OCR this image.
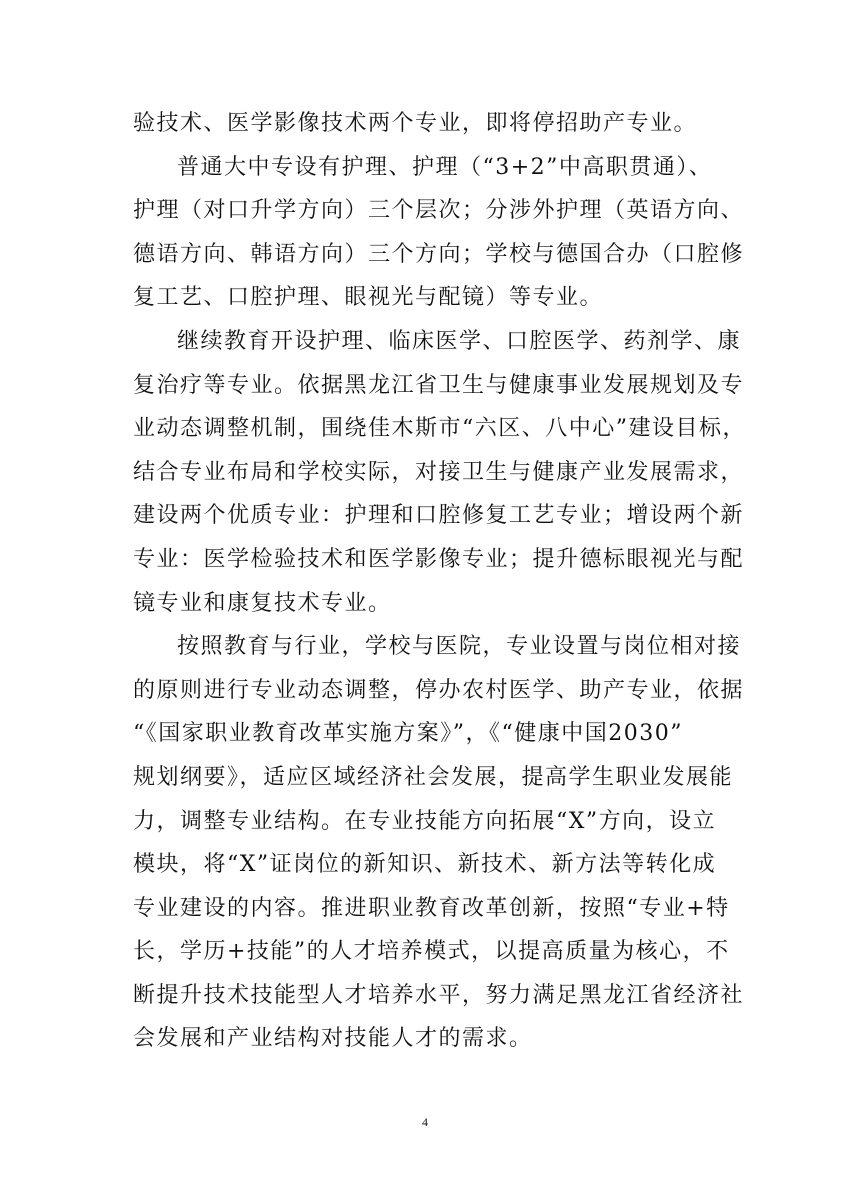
验技术、医学影像技术两个专业，即将停招助产专业。
普通大中专设有护理、护理（“3+2”中高职贯通）、
护理（对口升学方向）三个层次；分涉外护理（英语方向、
德语方向、韩语方向）三个方向；学校与德国合办（口腔修
复工艺、口腔护理、眼视光与配镜）等专业。
继续教育开设护理、临床医学、口腔医学、药剂学、康
复治疗等专业。依据黑龙江省卫生与健康事业发展规划及专
业动态调整机制，围绕佳木斯市“六区、八中心”建设目标，
结合专业布局和学校实际，对接卫生与健康产业发展需求，
建设两个优质专业：护理和口腔修复工艺专业；增设两个新
专业：医学检验技术和医学影像专业；提升德标眼视光与配
镜专业和康复技术专业。
按照教育与行业，学校与医院，专业设置与岗位相对接
的原则进行专业动态调整，停办农村医学、助产专业，依据
“《国家职业教育改革实施方案》”，《“健康中国2030”
规划纲要》，适应区域经济社会发展，提高学生职业发展能
力，调整专业结构。在专业技能方向拓展“X”方向，设立
模块，将“X”证岗位的新知识、新技术、新方法等转化成
专业建设的内容。推进职业教育改革创新，按照“专业+特
长，学历+技能”的人才培养模式，以提高质量为核心，不
断提升技术技能型人才培养水平，努力满足黑龙江省经济社
会发展和产业结构对技能人才的需求。
4
